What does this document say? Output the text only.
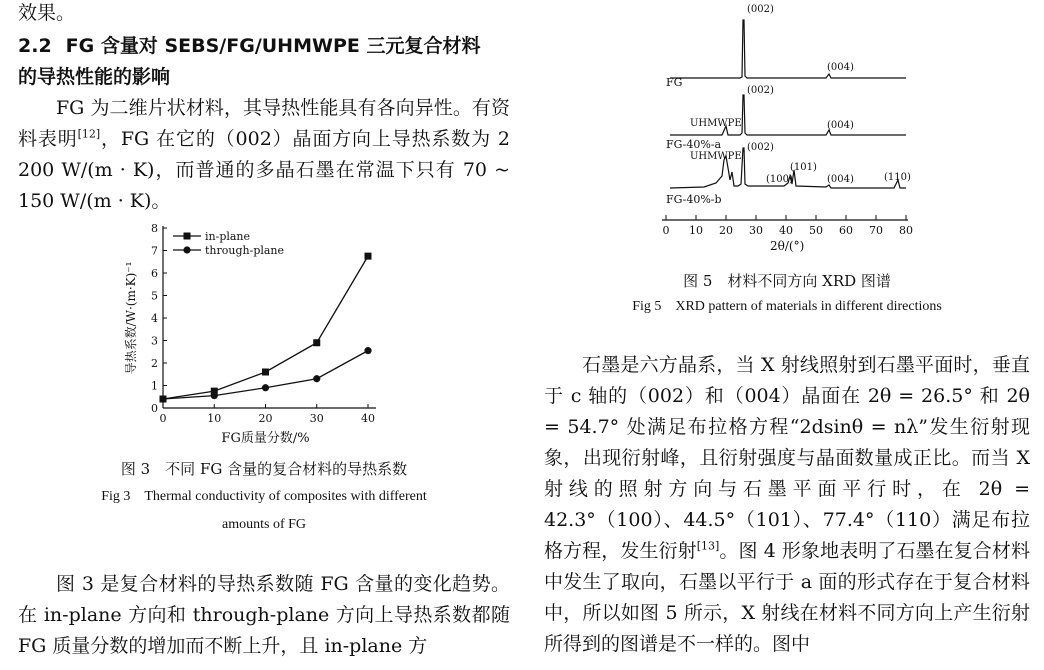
效果。

2.2 FG 含量对 SEBS/FG/UHMWPE 三元复合材料
的导热性能的影响

FG 为二维片状材料，其导热性能具有各向异性。有资料表明[12]，FG 在它的（002）晶面方向上导热系数为 2 200 W/(m · K)，而普通的多晶石墨在常温下只有 70 ~ 150 W/(m · K)。

0
1
2
3
4
5
6
7
8
0	10	20	30	40
FG质量分数/%
导热系数/W·(m·K)⁻¹
in-plane
through-plane
图 3　不同 FG 含量的复合材料的导热系数
Fig 3　Thermal conductivity of composites with different
amounts of FG

图 3 是复合材料的导热系数随 FG 含量的变化趋势。在 in-plane 方向和 through-plane 方向上导热系数都随 FG 质量分数的增加而不断上升，且 in-plane 方

0 10 20 30 40 50 60 70 80
FG
(002)
(004)
UHMWPE
FG-40%-a
(002)
(004)
UHMWPE
FG-40%-b
(002)
(100)
(101)
(004)	(110)
2θ/(°)
图 5　材料不同方向 XRD 图谱
Fig 5　XRD pattern of materials in different directions

石墨是六方晶系，当 X 射线照射到石墨平面时，垂直于 c 轴的（002）和（004）晶面在 2θ = 26.5° 和 2θ = 54.7° 处满足布拉格方程“2dsinθ = nλ”发生衍射现象，出现衍射峰，且衍射强度与晶面数量成正比。而当 X 射线的照射方向与石墨平面平行时，在 2θ = 42.3°（100）、44.5°（101）、77.4°（110）满足布拉格方程，发生衍射[13]。图 4 形象地表明了石墨在复合材料中发生了取向，石墨以平行于 a 面的形式存在于复合材料中，所以如图 5 所示，X 射线在材料不同方向上产生衍射所得到的图谱是不一样的。图中
